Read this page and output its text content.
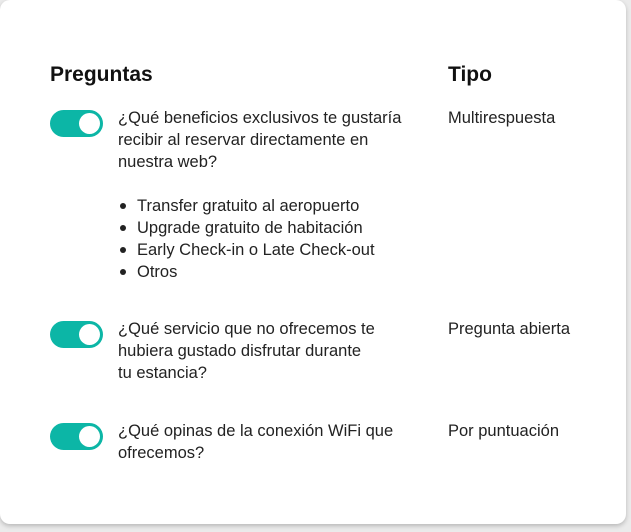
Preguntas	Tipo
¿Qué beneficios exclusivos te gustaría
recibir al reservar directamente en
nuestra web?
Multirespuesta
Transfer gratuito al aeropuerto
Upgrade gratuito de habitación
Early Check-in o Late Check-out
Otros
¿Qué servicio que no ofrecemos te
hubiera gustado disfrutar durante
tu estancia?
Pregunta abierta
¿Qué opinas de la conexión WiFi que
ofrecemos?
Por puntuación
